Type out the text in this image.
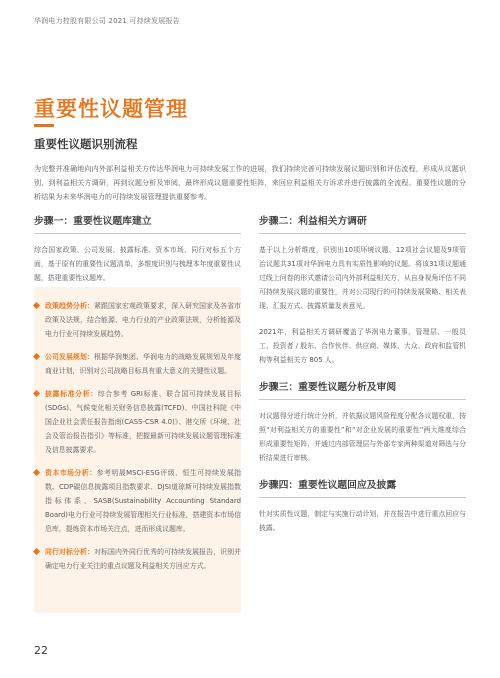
华润电力控股有限公司 2021 可持续发展报告
重要性议题管理
重要性议题识别流程
为完整并准确地向内外部利益相关方传达华润电力可持续发展工作的进展，我们持续完善可持续发展议题识别和评估流程，形成从议题识别，到利益相关方调研，再到议题分析及审阅，最终形成议题重要性矩阵，来回应利益相关方诉求并进行披露的全流程。重要性议题的分析结果为未来华润电力的可持续发展管理提供重要参考。
步骤一：重要性议题库建立
综合国家政策、公司发展、披露标准、资本市场、同行对标五个方面，基于原有的重要性议题清单，多维度识别与梳理本年度重要性议题，搭建重要性议题库。
政策趋势分析：紧跟国家宏观政策要求，深入研究国家及各省市政策及法规，结合能源、电力行业的产业政策法规，分析能源及电力行业可持续发展趋势。
公司发展规划：根据华润集团、华润电力的战略发展规划及年度商业计划，识别对公司战略目标具有重大意义的关键性议题。
披露标准分析：综合参考 GRI标准、联合国可持续发展目标(SDGs)、气候变化相关财务信息披露(TCFD)、中国社科院《中国企业社会责任报告指南(CASS-CSR 4.0)》、港交所《环境、社会及管治报告指引》等标准，把握最新可持续发展议题管理标准及信息披露要求。
资本市场分析：参考明晟MSCI-ESG评级、恒生可持续发展指数、CDP碳信息披露项目指数要求、DJSI道琼斯可持续发展指数指标体系、SASB(Sustainability Accounting Standard Board)电力行业可持续发展管理相关行业标准，搭建资本市场信息库，提炼资本市场关注点，进而形成议题库。
同行对标分析：对标国内外同行优秀的可持续发展报告，识别并确定电力行业关注的重点议题及利益相关方回应方式。
步骤二：利益相关方调研
基于以上分析维度，识别出10项环境议题、12项社会议题及9项管治议题共31项对华润电力具有实质性影响的议题。将该31项议题通过线上问卷的形式邀请公司内外部利益相关方，从自身视角评估不同可持续发展议题的重要性，并对公司现行的可持续发展策略、相关表现、汇报方式、披露质量发表意见。
2021年，利益相关方调研覆盖了华润电力董事、管理层、一般员工、投资者 / 股东、合作伙伴、供应商、媒体、大众、政府和监管机构等利益相关方 805 人。
步骤三：重要性议题分析及审阅
对议题得分进行统计分析，并依据议题风险程度分配各议题权重，按照“对利益相关方的重要性”和“对企业发展的重要性”两大维度综合形成重要性矩阵，并通过内部管理层与外部专家两种渠道对筛选与分析结果进行审核。
步骤四：重要性议题回应及披露
针对实质性议题，制定与实施行动计划，并在报告中进行重点回应与披露。
22
